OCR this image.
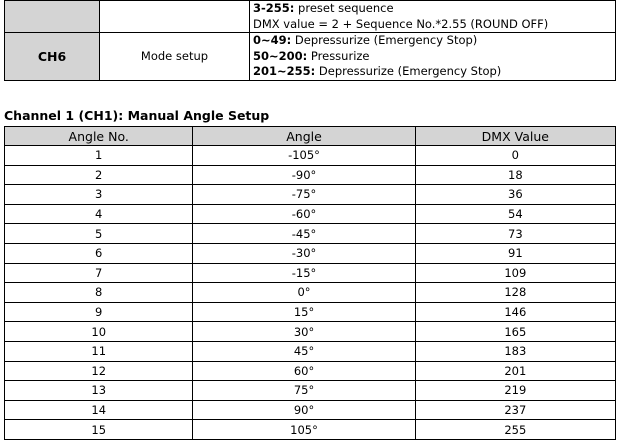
		3-255: preset sequence
DMX value = 2 + Sequence No.*2.55 (ROUND OFF)

CH6	Mode setup	0~49: Depressurize (Emergency Stop)
50~200: Pressurize
201~255: Depressurize (Emergency Stop)
Channel 1 (CH1): Manual Angle Setup
Angle No.	Angle	DMX Value
1	-105°	0
2	-90°	18
3	-75°	36
4	-60°	54
5	-45°	73
6	-30°	91
7	-15°	109
8	0°	128
9	15°	146
10	30°	165
11	45°	183
12	60°	201
13	75°	219
14	90°	237
15	105°	255
